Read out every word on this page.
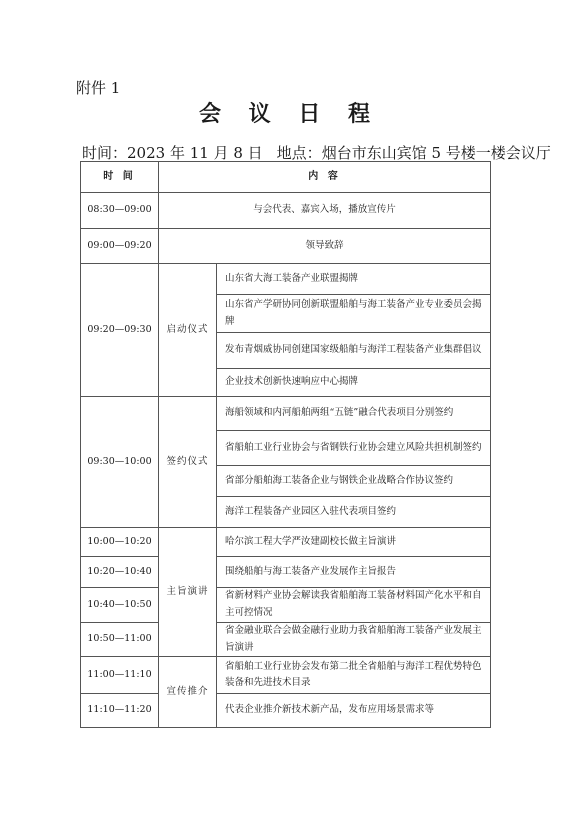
附件 1
会 议 日 程
时间：2023 年 11 月 8 日 地点：烟台市东山宾馆 5 号楼一楼会议厅
时 间	内 容	
08:30—09:00	与会代表、嘉宾入场，播放宣传片	
09:00—09:20	领导致辞	
09:20—09:30	启动仪式	山东省大海工装备产业联盟揭牌
		山东省产学研协同创新联盟船舶与海工装备产业专业委员会揭牌
		发布青烟威协同创建国家级船舶与海洋工程装备产业集群倡议
		企业技术创新快速响应中心揭牌
09:30—10:00	签约仪式	海船领域和内河船舶两组“五链”融合代表项目分别签约
		省船舶工业行业协会与省钢铁行业协会建立风险共担机制签约
		省部分船舶海工装备企业与钢铁企业战略合作协议签约
		海洋工程装备产业园区入驻代表项目签约
10:00—10:20	主旨演讲	哈尔滨工程大学严汝建副校长做主旨演讲
10:20—10:40		围绕船舶与海工装备产业发展作主旨报告
10:40—10:50		省新材料产业协会解读我省船舶海工装备材料国产化水平和自主可控情况
10:50—11:00		省金融业联合会做金融行业助力我省船舶海工装备产业发展主旨演讲
11:00—11:10	宣传推介	省船舶工业行业协会发布第二批全省船舶与海洋工程优势特色装备和先进技术目录
11:10—11:20		代表企业推介新技术新产品，发布应用场景需求等
